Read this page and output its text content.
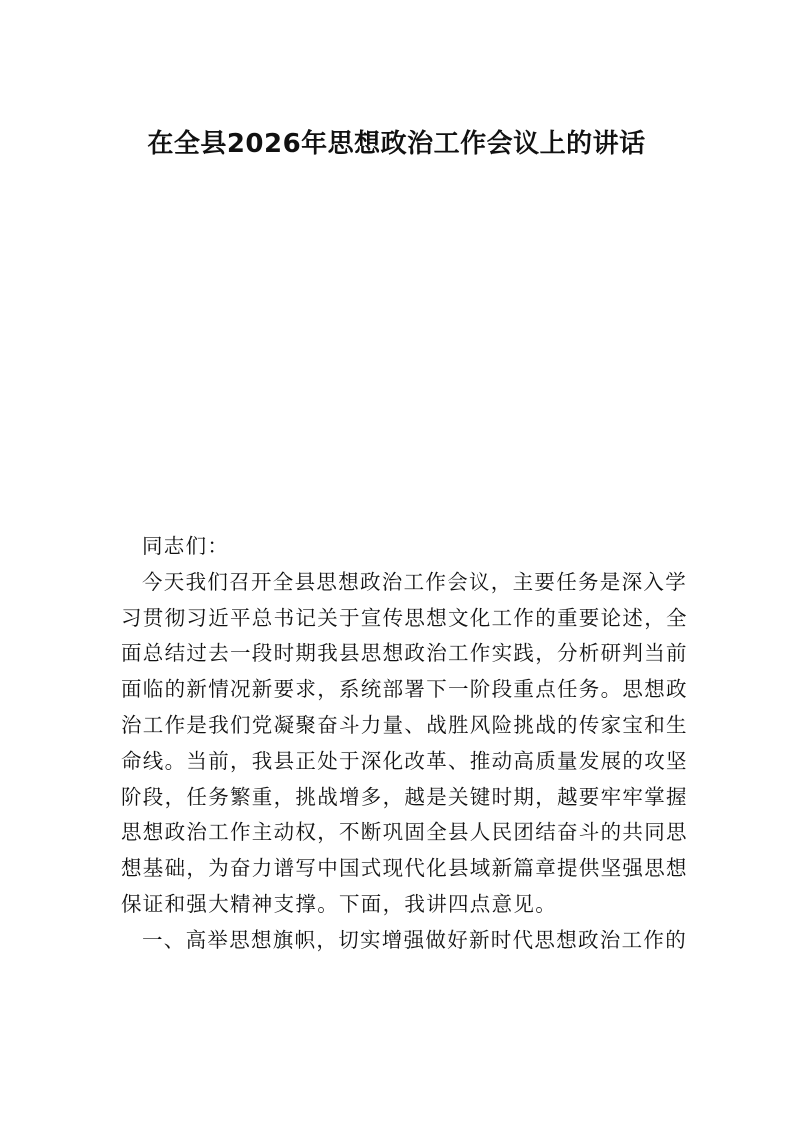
在全县2026年思想政治工作会议上的讲话
同志们：
今天我们召开全县思想政治工作会议，主要任务是深入学
习贯彻习近平总书记关于宣传思想文化工作的重要论述，全
面总结过去一段时期我县思想政治工作实践，分析研判当前
面临的新情况新要求，系统部署下一阶段重点任务。思想政
治工作是我们党凝聚奋斗力量、战胜风险挑战的传家宝和生
命线。当前，我县正处于深化改革、推动高质量发展的攻坚
阶段，任务繁重，挑战增多，越是关键时期，越要牢牢掌握
思想政治工作主动权，不断巩固全县人民团结奋斗的共同思
想基础，为奋力谱写中国式现代化县域新篇章提供坚强思想
保证和强大精神支撑。下面，我讲四点意见。
一、高举思想旗帜，切实增强做好新时代思想政治工作的
